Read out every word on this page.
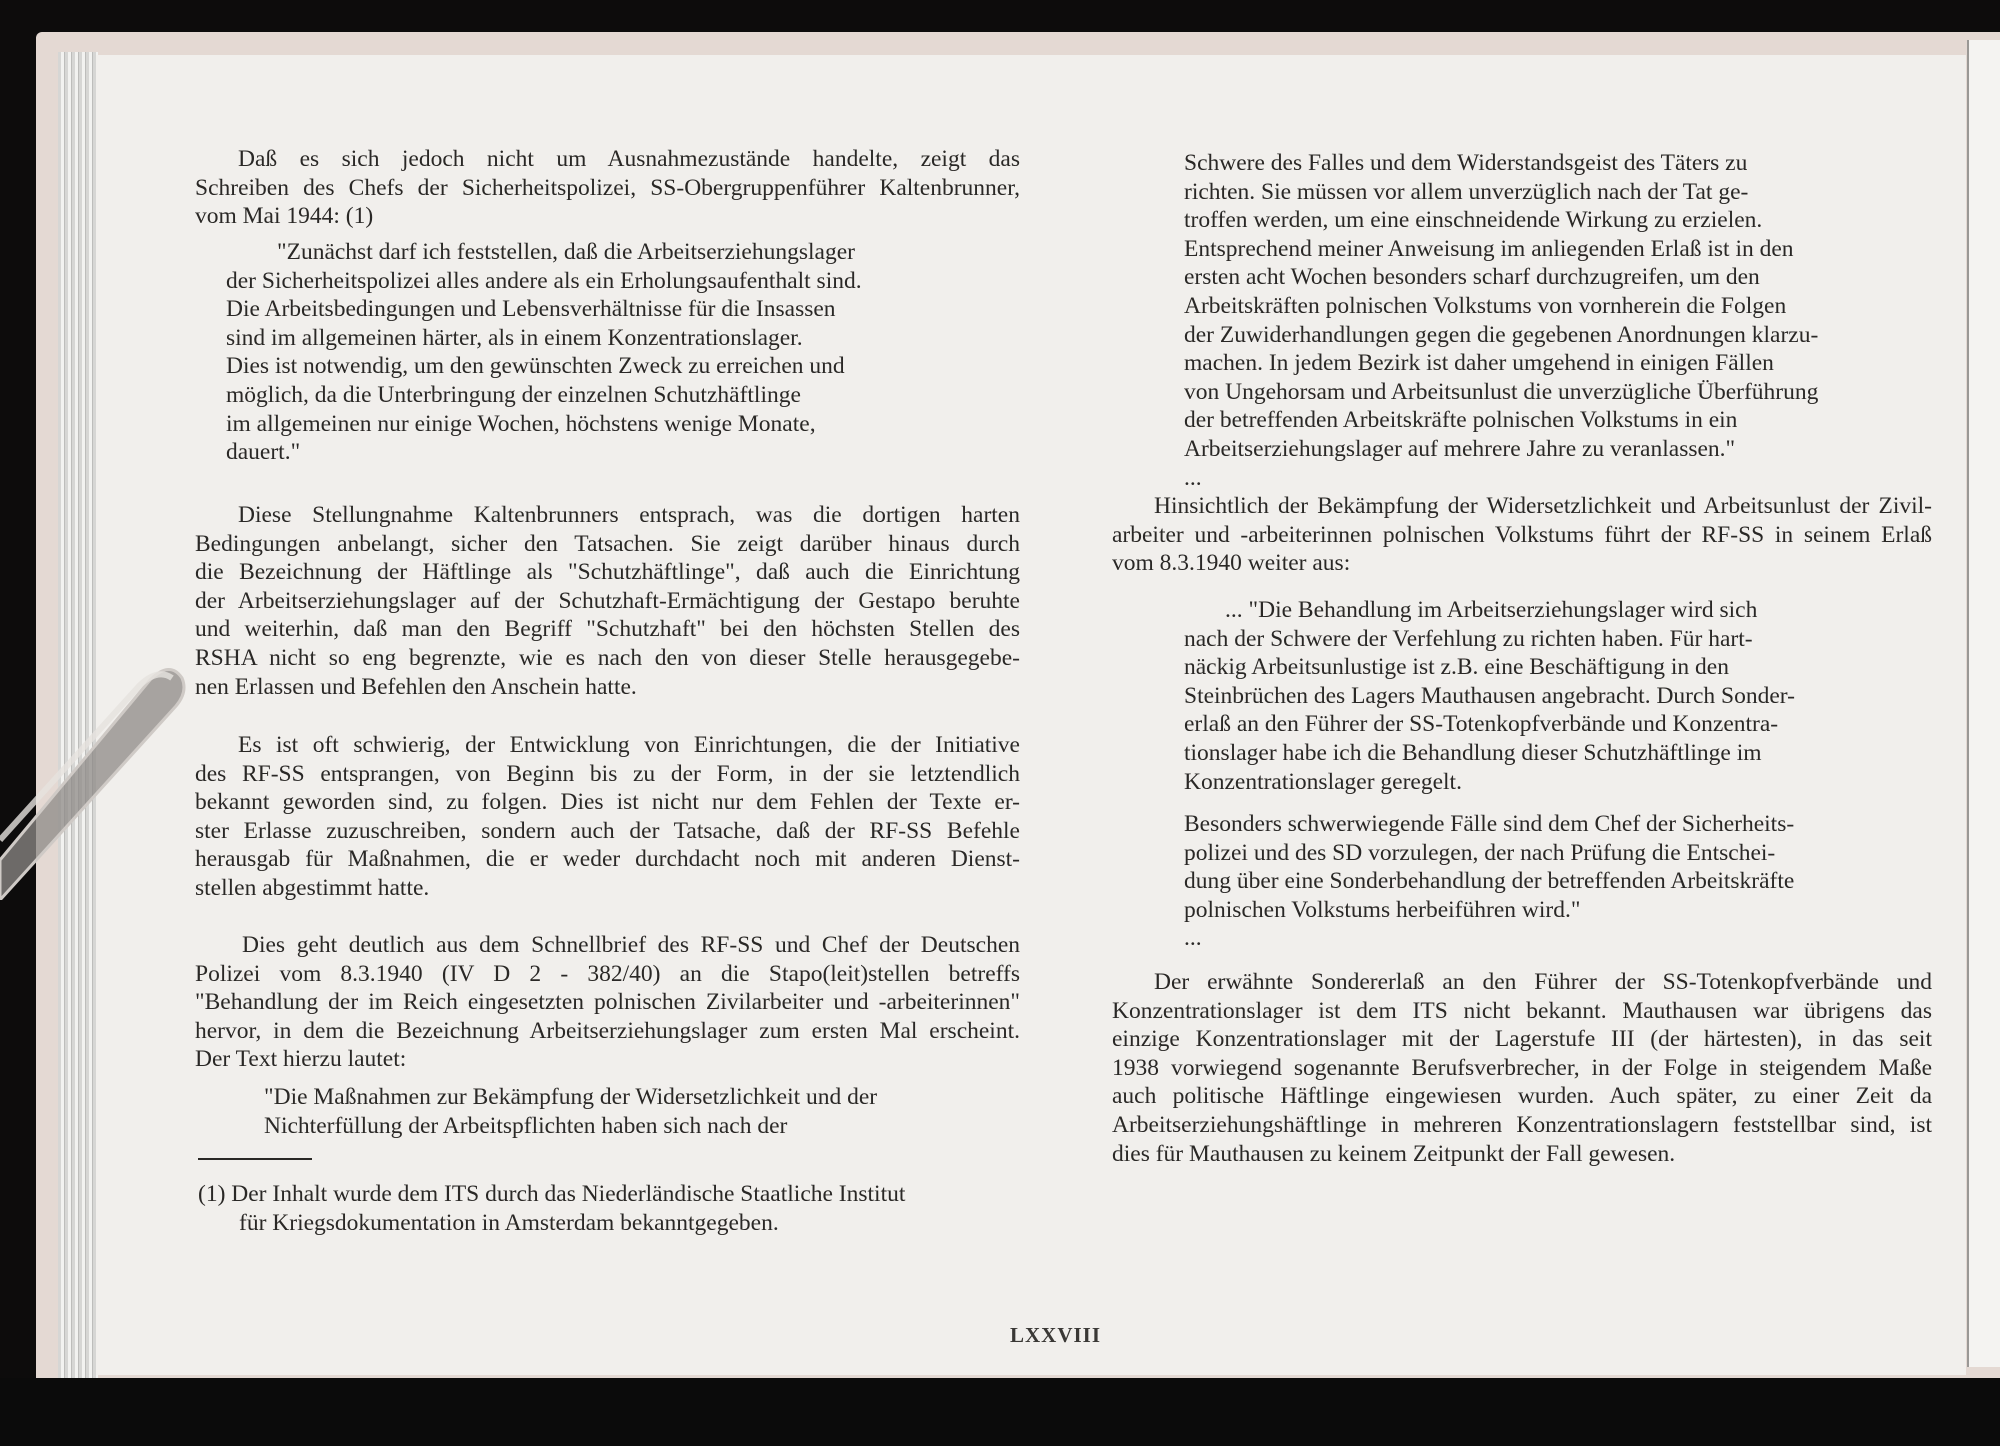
Daß es sich jedoch nicht um Ausnahmezustände handelte, zeigt das
Schreiben des Chefs der Sicherheitspolizei, SS-Obergruppenführer Kaltenbrunner,
vom Mai 1944: (1)
"Zunächst darf ich feststellen, daß die Arbeitserziehungslager
der Sicherheitspolizei alles andere als ein Erholungsaufenthalt sind.
Die Arbeitsbedingungen und Lebensverhältnisse für die Insassen
sind im allgemeinen härter, als in einem Konzentrationslager.
Dies ist notwendig, um den gewünschten Zweck zu erreichen und
möglich, da die Unterbringung der einzelnen Schutzhäftlinge
im allgemeinen nur einige Wochen, höchstens wenige Monate,
dauert."
Diese Stellungnahme Kaltenbrunners entsprach, was die dortigen harten
Bedingungen anbelangt, sicher den Tatsachen. Sie zeigt darüber hinaus durch
die Bezeichnung der Häftlinge als "Schutzhäftlinge", daß auch die Einrichtung
der Arbeitserziehungslager auf der Schutzhaft-Ermächtigung der Gestapo beruhte
und weiterhin, daß man den Begriff "Schutzhaft" bei den höchsten Stellen des
RSHA nicht so eng begrenzte, wie es nach den von dieser Stelle herausgegebe-
nen Erlassen und Befehlen den Anschein hatte.
Es ist oft schwierig, der Entwicklung von Einrichtungen, die der Initiative
des RF-SS entsprangen, von Beginn bis zu der Form, in der sie letztendlich
bekannt geworden sind, zu folgen. Dies ist nicht nur dem Fehlen der Texte er-
ster Erlasse zuzuschreiben, sondern auch der Tatsache, daß der RF-SS Befehle
herausgab für Maßnahmen, die er weder durchdacht noch mit anderen Dienst-
stellen abgestimmt hatte.
Dies geht deutlich aus dem Schnellbrief des RF-SS und Chef der Deutschen
Polizei vom 8.3.1940 (IV D 2 - 382/40) an die Stapo(leit)stellen betreffs
"Behandlung der im Reich eingesetzten polnischen Zivilarbeiter und -arbeiterinnen"
hervor, in dem die Bezeichnung Arbeitserziehungslager zum ersten Mal erscheint.
Der Text hierzu lautet:
"Die Maßnahmen zur Bekämpfung der Widersetzlichkeit und der
Nichterfüllung der Arbeitspflichten haben sich nach der
(1) Der Inhalt wurde dem ITS durch das Niederländische Staatliche Institut
für Kriegsdokumentation in Amsterdam bekanntgegeben.
Schwere des Falles und dem Widerstandsgeist des Täters zu
richten. Sie müssen vor allem unverzüglich nach der Tat ge-
troffen werden, um eine einschneidende Wirkung zu erzielen.
Entsprechend meiner Anweisung im anliegenden Erlaß ist in den
ersten acht Wochen besonders scharf durchzugreifen, um den
Arbeitskräften polnischen Volkstums von vornherein die Folgen
der Zuwiderhandlungen gegen die gegebenen Anordnungen klarzu-
machen. In jedem Bezirk ist daher umgehend in einigen Fällen
von Ungehorsam und Arbeitsunlust die unverzügliche Überführung
der betreffenden Arbeitskräfte polnischen Volkstums in ein
Arbeitserziehungslager auf mehrere Jahre zu veranlassen."
...
Hinsichtlich der Bekämpfung der Widersetzlichkeit und Arbeitsunlust der Zivil-
arbeiter und -arbeiterinnen polnischen Volkstums führt der RF-SS in seinem Erlaß
vom 8.3.1940 weiter aus:
... "Die Behandlung im Arbeitserziehungslager wird sich
nach der Schwere der Verfehlung zu richten haben. Für hart-
näckig Arbeitsunlustige ist z.B. eine Beschäftigung in den
Steinbrüchen des Lagers Mauthausen angebracht. Durch Sonder-
erlaß an den Führer der SS-Totenkopfverbände und Konzentra-
tionslager habe ich die Behandlung dieser Schutzhäftlinge im
Konzentrationslager geregelt.
Besonders schwerwiegende Fälle sind dem Chef der Sicherheits-
polizei und des SD vorzulegen, der nach Prüfung die Entschei-
dung über eine Sonderbehandlung der betreffenden Arbeitskräfte
polnischen Volkstums herbeiführen wird."
...
Der erwähnte Sondererlaß an den Führer der SS-Totenkopfverbände und
Konzentrationslager ist dem ITS nicht bekannt. Mauthausen war übrigens das
einzige Konzentrationslager mit der Lagerstufe III (der härtesten), in das seit
1938 vorwiegend sogenannte Berufsverbrecher, in der Folge in steigendem Maße
auch politische Häftlinge eingewiesen wurden. Auch später, zu einer Zeit da
Arbeitserziehungshäftlinge in mehreren Konzentrationslagern feststellbar sind, ist
dies für Mauthausen zu keinem Zeitpunkt der Fall gewesen.
LXXVIII
